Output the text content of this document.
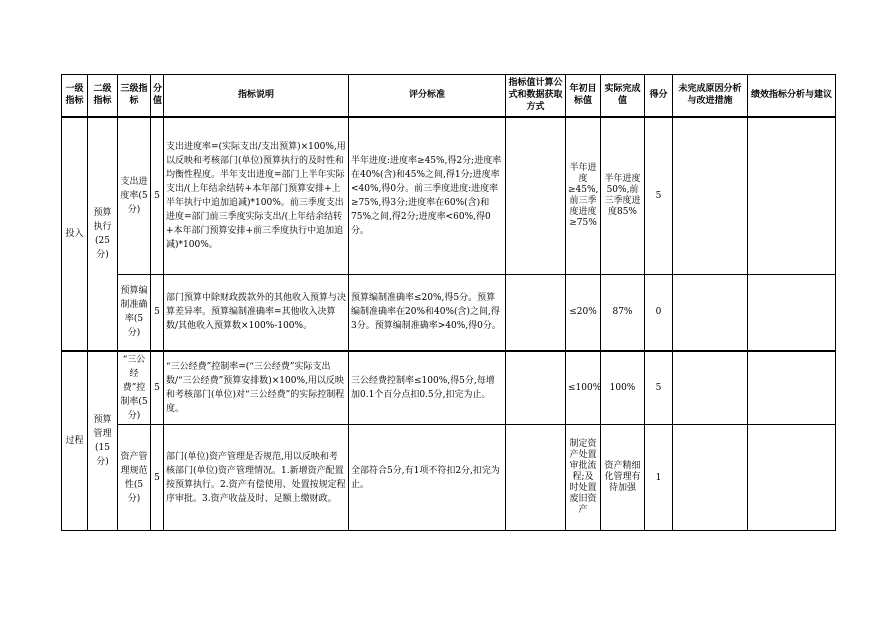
一级指标	二级指标	三级指标	分值	指标说明	评分标准	指标值计算公式和数据获取方式	年初目标值	实际完成值	得分	未完成原因分析与改进措施	绩效指标分析与建议
投入	预算执行(25分)	支出进度率(5分)	5	支出进度率=(实际支出/支出预算)×100%,用以反映和考核部门(单位)预算执行的及时性和均衡性程度。半年支出进度=部门上半年实际支出/(上年结余结转+本年部门预算安排+上半年执行中追加追减)*100%。前三季度支出进度=部门前三季度实际支出/(上年结余结转+本年部门预算安排+前三季度执行中追加追减)*100%。	半年进度:进度率≥45%,得2分;进度率在40%(含)和45%之间,得1分;进度率<40%,得0分。前三季度进度:进度率≥75%,得3分;进度率在60%(含)和75%之间,得2分;进度率<60%,得0分。		半年进度≥45%,前三季度进度≥75%	半年进度50%,前三季度进度85%	5		
		预算编制准确率(5分)	5	部门预算中除财政拨款外的其他收入预算与决算差异率。预算编制准确率=其他收入决算数/其他收入预算数×100%-100%。	预算编制准确率≤20%,得5分。预算编制准确率在20%和40%(含)之间,得3分。预算编制准确率>40%,得0分。		≤20%	87%	0		
过程	预算管理(15分)	“三公经费”控制率(5分)	5	“三公经费”控制率=(“三公经费”实际支出数/“三公经费”预算安排数)×100%,用以反映和考核部门(单位)对“三公经费”的实际控制程度。	三公经费控制率≤100%,得5分,每增加0.1个百分点扣0.5分,扣完为止。		≤100%	100%	5		
		资产管理规范性(5分)	5	部门(单位)资产管理是否规范,用以反映和考核部门(单位)资产管理情况。1.新增资产配置按预算执行。2.资产有偿使用、处置按规定程序审批。3.资产收益及时、足额上缴财政。	全部符合5分,有1项不符扣2分,扣完为止。		制定资产处置审批流程;及时处置废旧资产	资产精细化管理有待加强	1		
